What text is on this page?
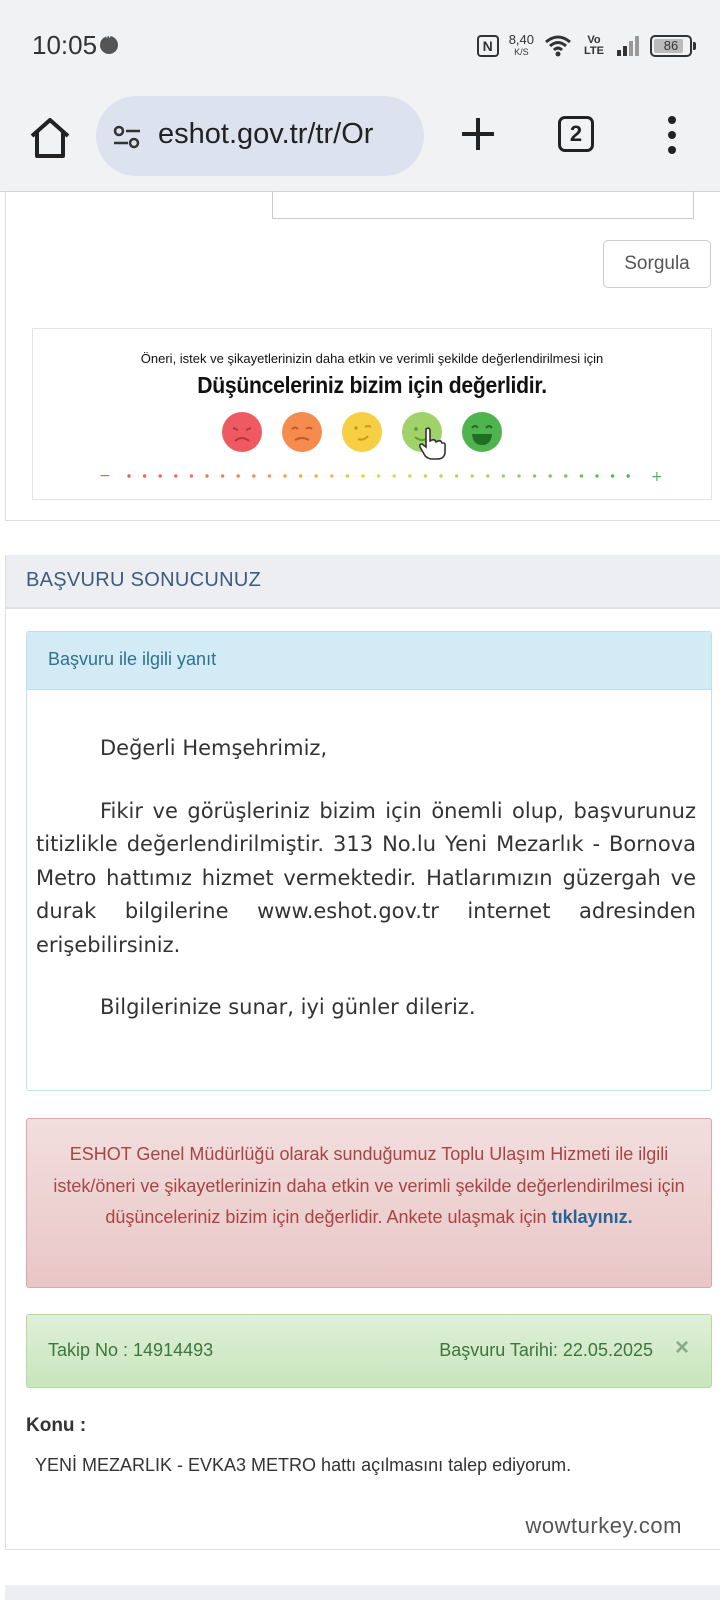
10:05
···	N	8,40
K/S
Vo LTE	86
eshot.gov.tr/tr/Or	2
Sorgula
Öneri, istek ve şikayetlerinizin daha etkin ve verimli şekilde değerlendirilmesi için
Düşünceleriniz bizim için değerlidir.
−	+
BAŞVURU SONUCUNUZ
Başvuru ile ilgili yanıt

Değerli Hemşehrimiz,

Fikir ve görüşleriniz bizim için önemli olup, başvurunuz titizlikle değerlendirilmiştir. 313 No.lu Yeni Mezarlık - Bornova Metro hattımız hizmet vermektedir. Hatlarımızın güzergah ve durak bilgilerine www.eshot.gov.tr internet adresinden erişebilirsiniz.

Bilgilerinize sunar, iyi günler dileriz.

ESHOT Genel Müdürlüğü olarak sunduğumuz Toplu Ulaşım Hizmeti ile ilgili istek/öneri ve şikayetlerinizin daha etkin ve verimli şekilde değerlendirilmesi için düşünceleriniz bizim için değerlidir. Ankete ulaşmak için tıklayınız.
Takip No : 14914493	Başvuru Tarihi: 22.05.2025 ×
Konu :
YENİ MEZARLIK - EVKA3 METRO hattı açılmasını talep ediyorum.
wowturkey.com
